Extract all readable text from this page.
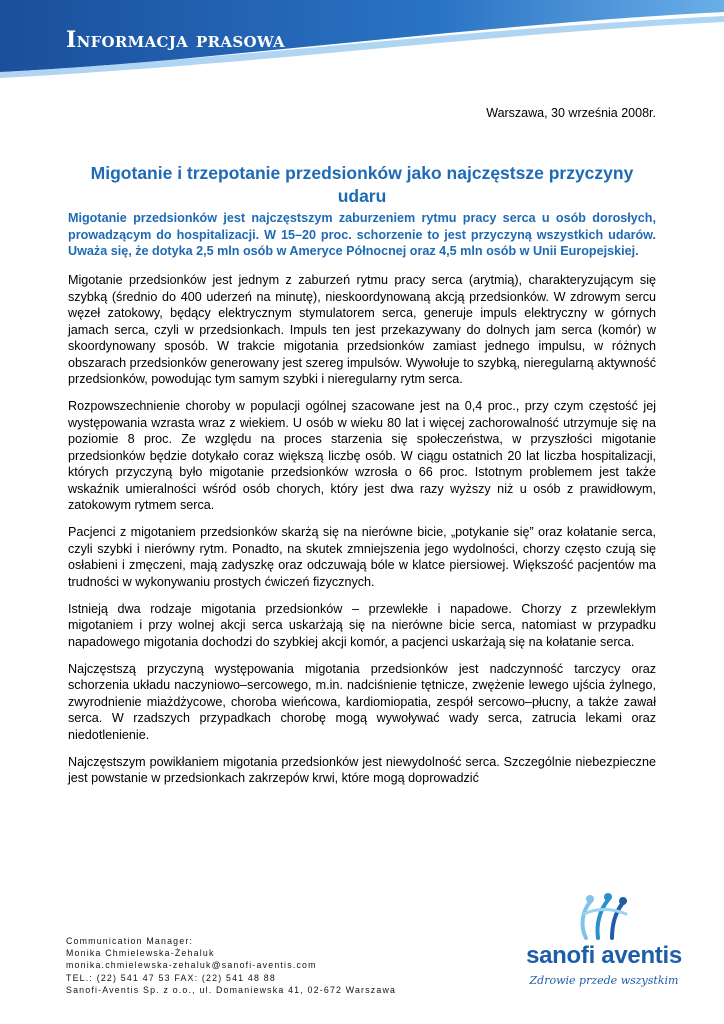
Informacja prasowa
Warszawa, 30 września 2008r.
Migotanie i trzepotanie przedsionków jako najczęstsze przyczyny udaru

Migotanie przedsionków jest najczęstszym zaburzeniem rytmu pracy serca u osób dorosłych, prowadzącym do hospitalizacji. W 15–20 proc. schorzenie to jest przyczyną wszystkich udarów. Uważa się, że dotyka 2,5 mln osób w Ameryce Północnej oraz 4,5 mln osób w Unii Europejskiej.

Migotanie przedsionków jest jednym z zaburzeń rytmu pracy serca (arytmią), charakteryzującym się szybką (średnio do 400 uderzeń na minutę), nieskoordynowaną akcją przedsionków. W zdrowym sercu węzeł zatokowy, będący elektrycznym stymulatorem serca, generuje impuls elektryczny w górnych jamach serca, czyli w przedsionkach. Impuls ten jest przekazywany do dolnych jam serca (komór) w skoordynowany sposób. W trakcie migotania przedsionków zamiast jednego impulsu, w różnych obszarach przedsionków generowany jest szereg impulsów. Wywołuje to szybką, nieregularną aktywność przedsionków, powodując tym samym szybki i nieregularny rytm serca.

Rozpowszechnienie choroby w populacji ogólnej szacowane jest na 0,4 proc., przy czym częstość jej występowania wzrasta wraz z wiekiem. U osób w wieku 80 lat i więcej zachorowalność utrzymuje się na poziomie 8 proc. Ze względu na proces starzenia się społeczeństwa, w przyszłości migotanie przedsionków będzie dotykało coraz większą liczbę osób. W ciągu ostatnich 20 lat liczba hospitalizacji, których przyczyną było migotanie przedsionków wzrosła o 66 proc. Istotnym problemem jest także wskaźnik umieralności wśród osób chorych, który jest dwa razy wyższy niż u osób z prawidłowym, zatokowym rytmem serca.

Pacjenci z migotaniem przedsionków skarżą się na nierówne bicie, „potykanie się” oraz kołatanie serca, czyli szybki i nierówny rytm. Ponadto, na skutek zmniejszenia jego wydolności, chorzy często czują się osłabieni i zmęczeni, mają zadyszkę oraz odczuwają bóle w klatce piersiowej. Większość pacjentów ma trudności w wykonywaniu prostych ćwiczeń fizycznych.

Istnieją dwa rodzaje migotania przedsionków – przewlekłe i napadowe. Chorzy z przewlekłym migotaniem i przy wolnej akcji serca uskarżają się na nierówne bicie serca, natomiast w przypadku napadowego migotania dochodzi do szybkiej akcji komór, a pacjenci uskarżają się na kołatanie serca.

Najczęstszą przyczyną występowania migotania przedsionków jest nadczynność tarczycy oraz schorzenia układu naczyniowo–sercowego, m.in. nadciśnienie tętnicze, zwężenie lewego ujścia żylnego, zwyrodnienie miażdżycowe, choroba wieńcowa, kardiomiopatia, zespół sercowo–płucny, a także zawał serca. W rzadszych przypadkach chorobę mogą wywoływać wady serca, zatrucia lekami oraz niedotlenienie.

Najczęstszym powikłaniem migotania przedsionków jest niewydolność serca. Szczególnie niebezpieczne jest powstanie w przedsionkach zakrzepów krwi, które mogą doprowadzić

Communication Manager:
Monika Chmielewska-Żehaluk
monika.chmielewska-zehaluk@sanofi-aventis.com
TEL.: (22) 541 47 53 FAX: (22) 541 48 88
Sanofi-Aventis Sp. z o.o., ul. Domaniewska 41, 02-672 Warszawa
sanofi aventis
Zdrowie przede wszystkim
